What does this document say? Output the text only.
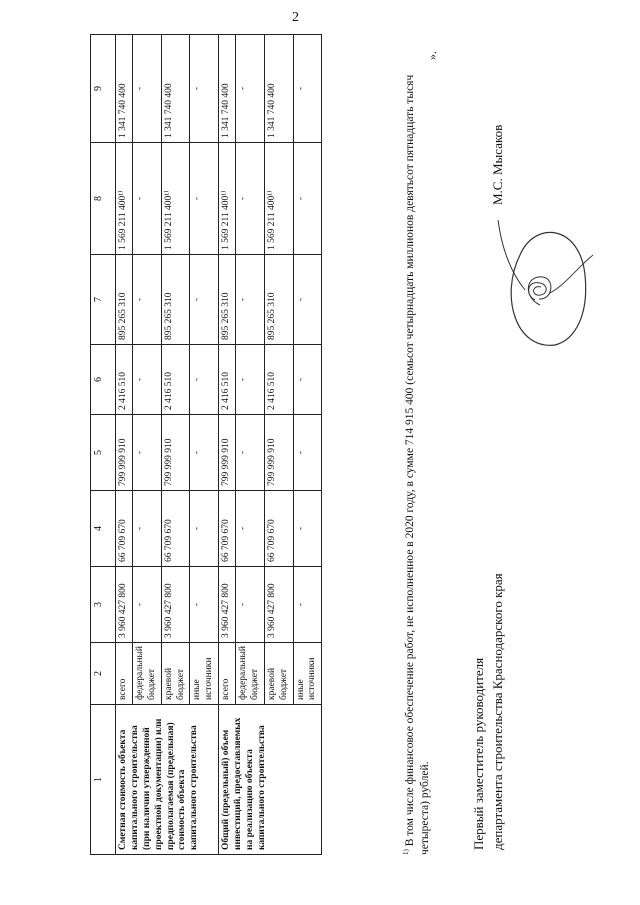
2
1	2	3	4	5	6	7	8	9
Сметная стоимость объекта капитального строительства (при наличии утвержденной проектной документации) или предполагаемая (предельная) стоимость объекта капитального строительства	всего	3 960 427 800	66 709 670	799 999 910	2 416 510	895 265 310	1 569 211 400¹⁾	1 341 740 400
	федеральный бюджет	-	-	-	-	-	-	-
	краевой бюджет	3 960 427 800	66 709 670	799 999 910	2 416 510	895 265 310	1 569 211 400¹⁾	1 341 740 400
	иные источники	-	-	-	-	-	-	-
Общий (предельный) объем инвестиций, предоставляемых на реализацию объекта капитального строительства	всего	3 960 427 800	66 709 670	799 999 910	2 416 510	895 265 310	1 569 211 400¹⁾	1 341 740 400
	федеральный бюджет	-	-	-	-	-	-	-
	краевой бюджет	3 960 427 800	66 709 670	799 999 910	2 416 510	895 265 310	1 569 211 400¹⁾	1 341 740 400
	иные источники	-	-	-	-	-	-	-
$^{1)}$ В том числе финансовое обеспечение работ, не исполненное в 2020 году, в сумме 714 915 400 (семьсот четырнадцать миллионов девятьсот пятнадцать тысяч четыреста) рублей.
».
Первый заместитель руководителя департамента строительства Краснодарского края
М.С. Мысаков
